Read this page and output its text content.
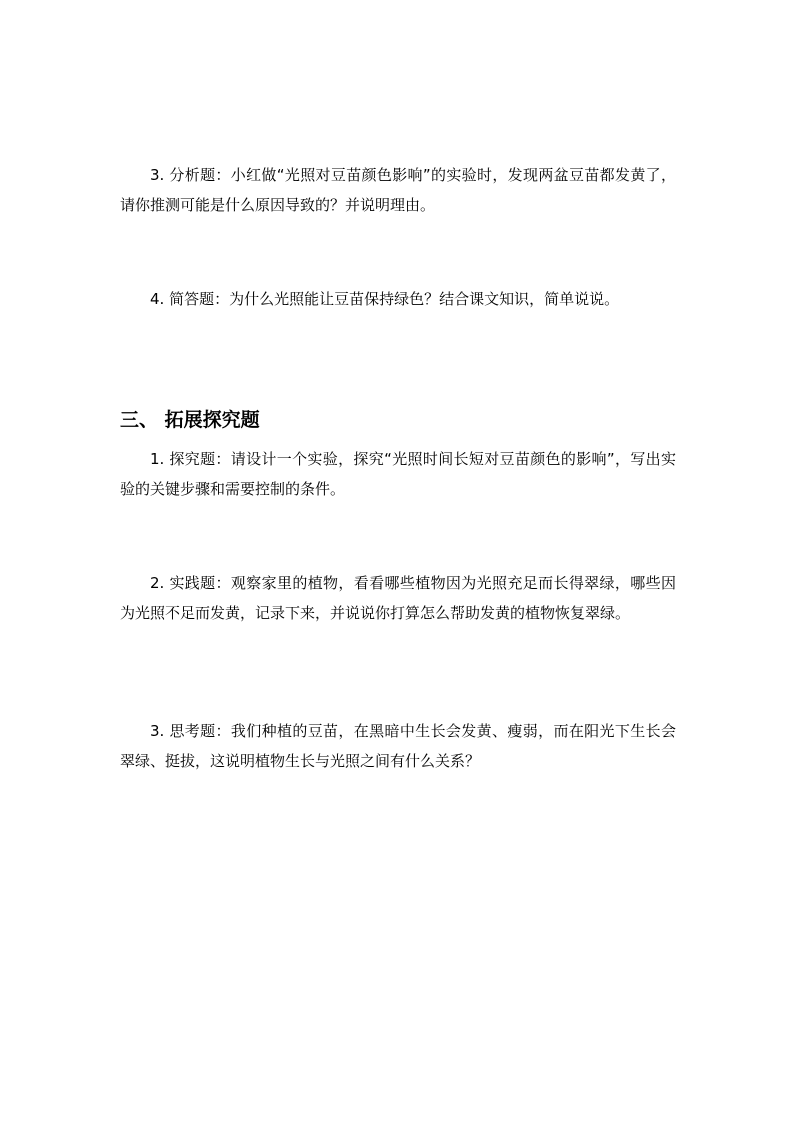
3. 分析题：小红做“光照对豆苗颜色影响”的实验时，发现两盆豆苗都发黄了，请你推测可能是什么原因导致的？并说明理由。

4. 简答题：为什么光照能让豆苗保持绿色？结合课文知识，简单说说。

三、 拓展探究题

1. 探究题：请设计一个实验，探究“光照时间长短对豆苗颜色的影响”，写出实验的关键步骤和需要控制的条件。

2. 实践题：观察家里的植物，看看哪些植物因为光照充足而长得翠绿，哪些因为光照不足而发黄，记录下来，并说说你打算怎么帮助发黄的植物恢复翠绿。

3. 思考题：我们种植的豆苗，在黑暗中生长会发黄、瘦弱，而在阳光下生长会翠绿、挺拔，这说明植物生长与光照之间有什么关系？
